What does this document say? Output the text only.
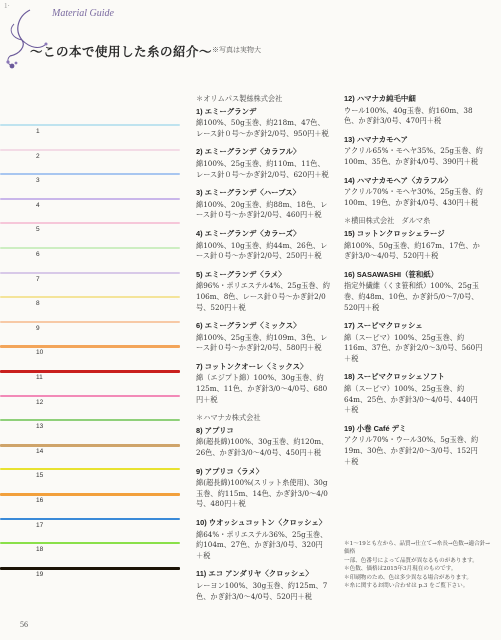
1·
Material Guide
～この本で使用した糸の紹介～ ※写真は実物大
1
2
3
4
5
6
7
8
9
10
11
12
13
14
15
16
17
18
19
＊オリムパス製絲株式会社
1) エミーグランデ
綿100%、50g玉巻、約218m、47色、レース針０号～かぎ針2/0号、950円＋税
2) エミーグランデ〈カラフル〉
綿100%、25g玉巻、約110m、11色、レース針０号～かぎ針2/0号、620円＋税
3) エミーグランデ〈ハーブス〉
綿100%、20g玉巻、約88m、18色、レース針０号～かぎ針2/0号、460円＋税
4) エミーグランデ〈カラーズ〉
綿100%、10g玉巻、約44m、26色、レース針０号～かぎ針2/0号、250円＋税
5) エミーグランデ〈ラメ〉
綿96%・ポリエステル4%、25g玉巻、約106m、8色、レース針０号～かぎ針2/0号、520円＋税
6) エミーグランデ〈ミックス〉
綿100%、25g玉巻、約109m、3色、レース針０号～かぎ針2/0号、580円＋税
7) コットンクオーレ〈ミックス〉
綿（エジプト綿）100%、30g玉巻、約125m、11色、かぎ針3/0～4/0号、680円＋税
＊ハマナカ株式会社
8) アプリコ
綿(超長綿)100%、30g玉巻、約120m、26色、かぎ針3/0～4/0号、450円＋税
9) アプリコ〈ラメ〉
綿(超長綿)100%(スリット糸使用)、30g玉巻、約115m、14色、かぎ針3/0～4/0号、480円＋税
10) ウオッシュコットン〈クロッシェ〉
綿64%・ポリエステル36%、25g玉巻、約104m、27色、かぎ針3/0号、320円＋税
11) エコ アンダリヤ〈クロッシェ〉
レーヨン100%、30g玉巻、約125m、7色、かぎ針3/0～4/0号、520円＋税
12) ハマナカ純毛中細
ウール100%、40g玉巻、約160m、38色、かぎ針3/0号、470円＋税
13) ハマナカモヘア
アクリル65%・モヘヤ35%、25g玉巻、約100m、35色、かぎ針4/0号、390円＋税
14) ハマナカモヘア〈カラフル〉
アクリル70%・モヘヤ30%、25g玉巻、約100m、19色、かぎ針4/0号、430円＋税
＊横田株式会社　ダルマ糸
15) コットンクロッシェラージ
綿100%、50g玉巻、約167m、17色、かぎ針3/0～4/0号、520円＋税
16) SASAWASHI（笹和紙）
指定外繊維（くま笹和紙）100%、25g玉巻、約48m、10色、かぎ針5/0～7/0号、520円＋税
17) スーピマクロッシェ
綿（スーピマ）100%、25g玉巻、約116m、37色、かぎ針2/0～3/0号、560円＋税
18) スーピマクロッシェソフト
綿（スーピマ）100%、25g玉巻、約64m、25色、かぎ針3/0～4/0号、440円＋税
19) 小巻 Café デミ
アクリル70%・ウール30%、5g玉巻、約19m、30色、かぎ針2/0～3/0号、152円＋税
＊1～19とも左から、品質→仕立て→糸長→色数→適合針→価格
一部、色番号によって品質が異なるものがあります。
＊色数、価格は2015年3月現在のものです。
＊印刷物のため、色は多少異なる場合があります。
＊糸に関するお問い合わせは p.3 をご覧下さい。
56
